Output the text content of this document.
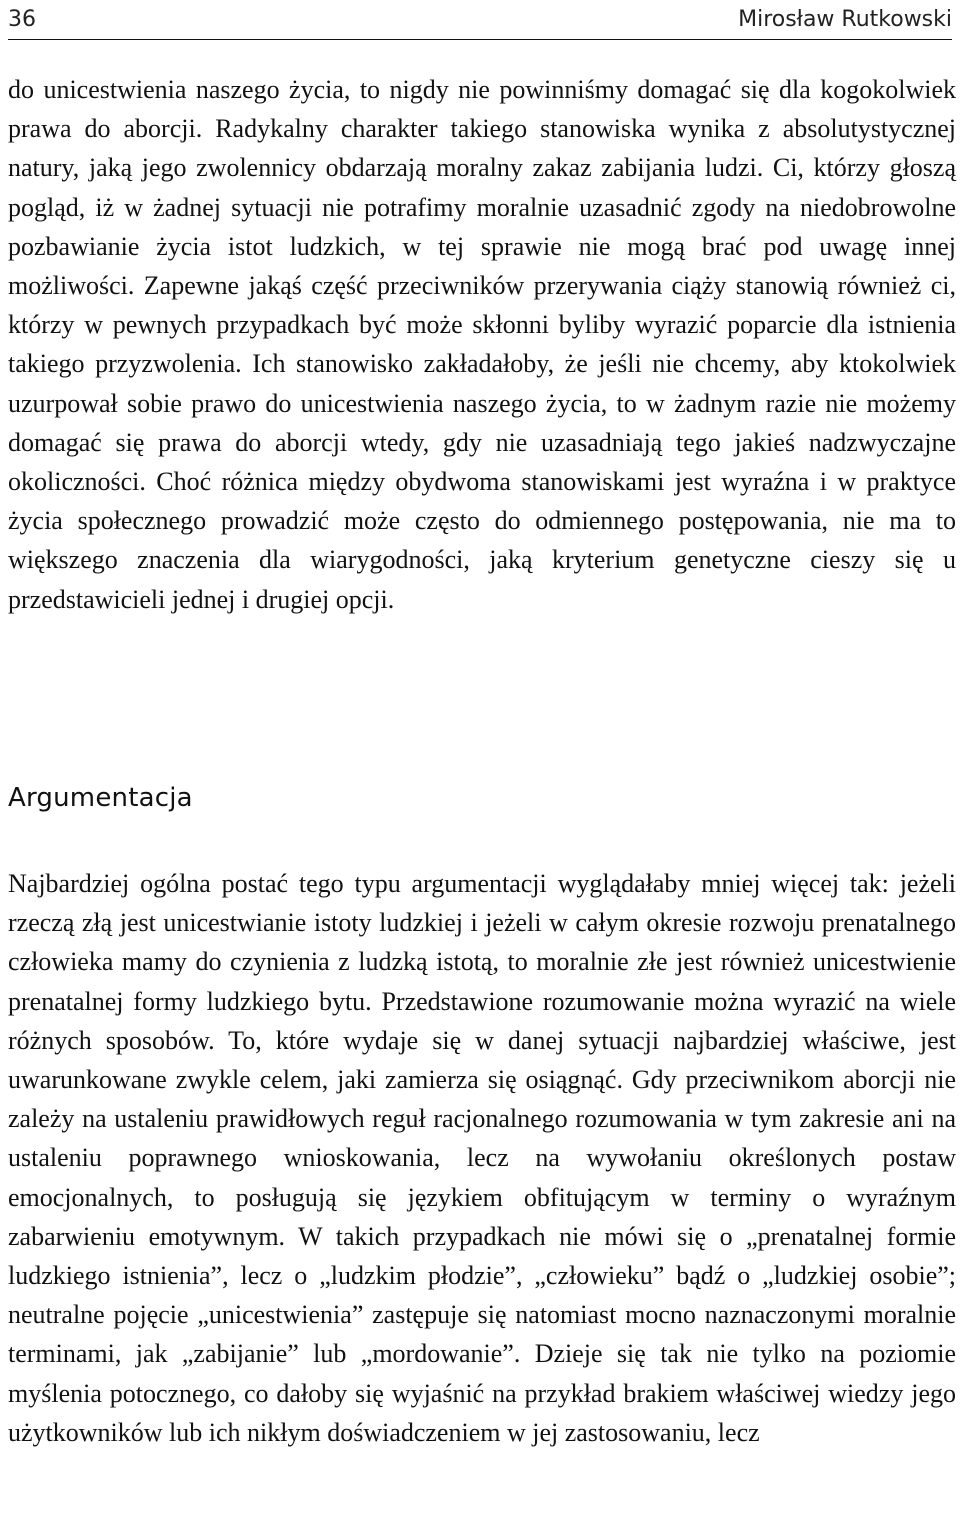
36	Mirosław Rutkowski

do unicestwienia naszego życia, to nigdy nie powinniśmy domagać się dla kogokolwiek prawa do aborcji. Radykalny charakter takiego stanowiska wynika z absolutystycznej natury, jaką jego zwolennicy obdarzają moralny zakaz zabijania ludzi. Ci, którzy głoszą pogląd, iż w żadnej sytuacji nie potrafimy moralnie uzasadnić zgody na niedobrowolne pozbawianie życia istot ludzkich, w tej sprawie nie mogą brać pod uwagę innej możliwości. Zapewne jakąś część przeciwników przerywania ciąży stanowią również ci, którzy w pewnych przypadkach być może skłonni byliby wyrazić poparcie dla istnienia takiego przyzwolenia. Ich stanowisko zakładałoby, że jeśli nie chcemy, aby ktokolwiek uzurpował sobie prawo do unicestwienia naszego życia, to w żadnym razie nie możemy domagać się prawa do aborcji wtedy, gdy nie uzasadniają tego jakieś nadzwyczajne okoliczności. Choć różnica między obydwoma stanowiskami jest wyraźna i w praktyce życia społecznego prowadzić może często do odmiennego postępowania, nie ma to większego znaczenia dla wiarygodności, jaką kryterium genetyczne cieszy się u przedstawicieli jednej i drugiej opcji.

Argumentacja

Najbardziej ogólna postać tego typu argumentacji wyglądałaby mniej więcej tak: jeżeli rzeczą złą jest unicestwianie istoty ludzkiej i jeżeli w całym okresie rozwoju prenatalnego człowieka mamy do czynienia z ludzką istotą, to moralnie złe jest również unicestwienie prenatalnej formy ludzkiego bytu. Przedstawione rozumowanie można wyrazić na wiele różnych sposobów. To, które wydaje się w danej sytuacji najbardziej właściwe, jest uwarunkowane zwykle celem, jaki zamierza się osiągnąć. Gdy przeciwnikom aborcji nie zależy na ustaleniu prawidłowych reguł racjonalnego rozumowania w tym zakresie ani na ustaleniu poprawnego wnioskowania, lecz na wywołaniu określonych postaw emocjonalnych, to posługują się językiem obfitującym w terminy o wyraźnym zabarwieniu emotywnym. W takich przypadkach nie mówi się o „prenatalnej formie ludzkiego istnienia”, lecz o „ludzkim płodzie”, „człowieku” bądź o „ludzkiej osobie”; neutralne pojęcie „unicestwienia” zastępuje się natomiast mocno naznaczonymi moralnie terminami, jak „zabijanie” lub „mordowanie”. Dzieje się tak nie tylko na poziomie myślenia potocznego, co dałoby się wyjaśnić na przykład brakiem właściwej wiedzy jego użytkowników lub ich nikłym doświadczeniem w jej zastosowaniu, lecz
